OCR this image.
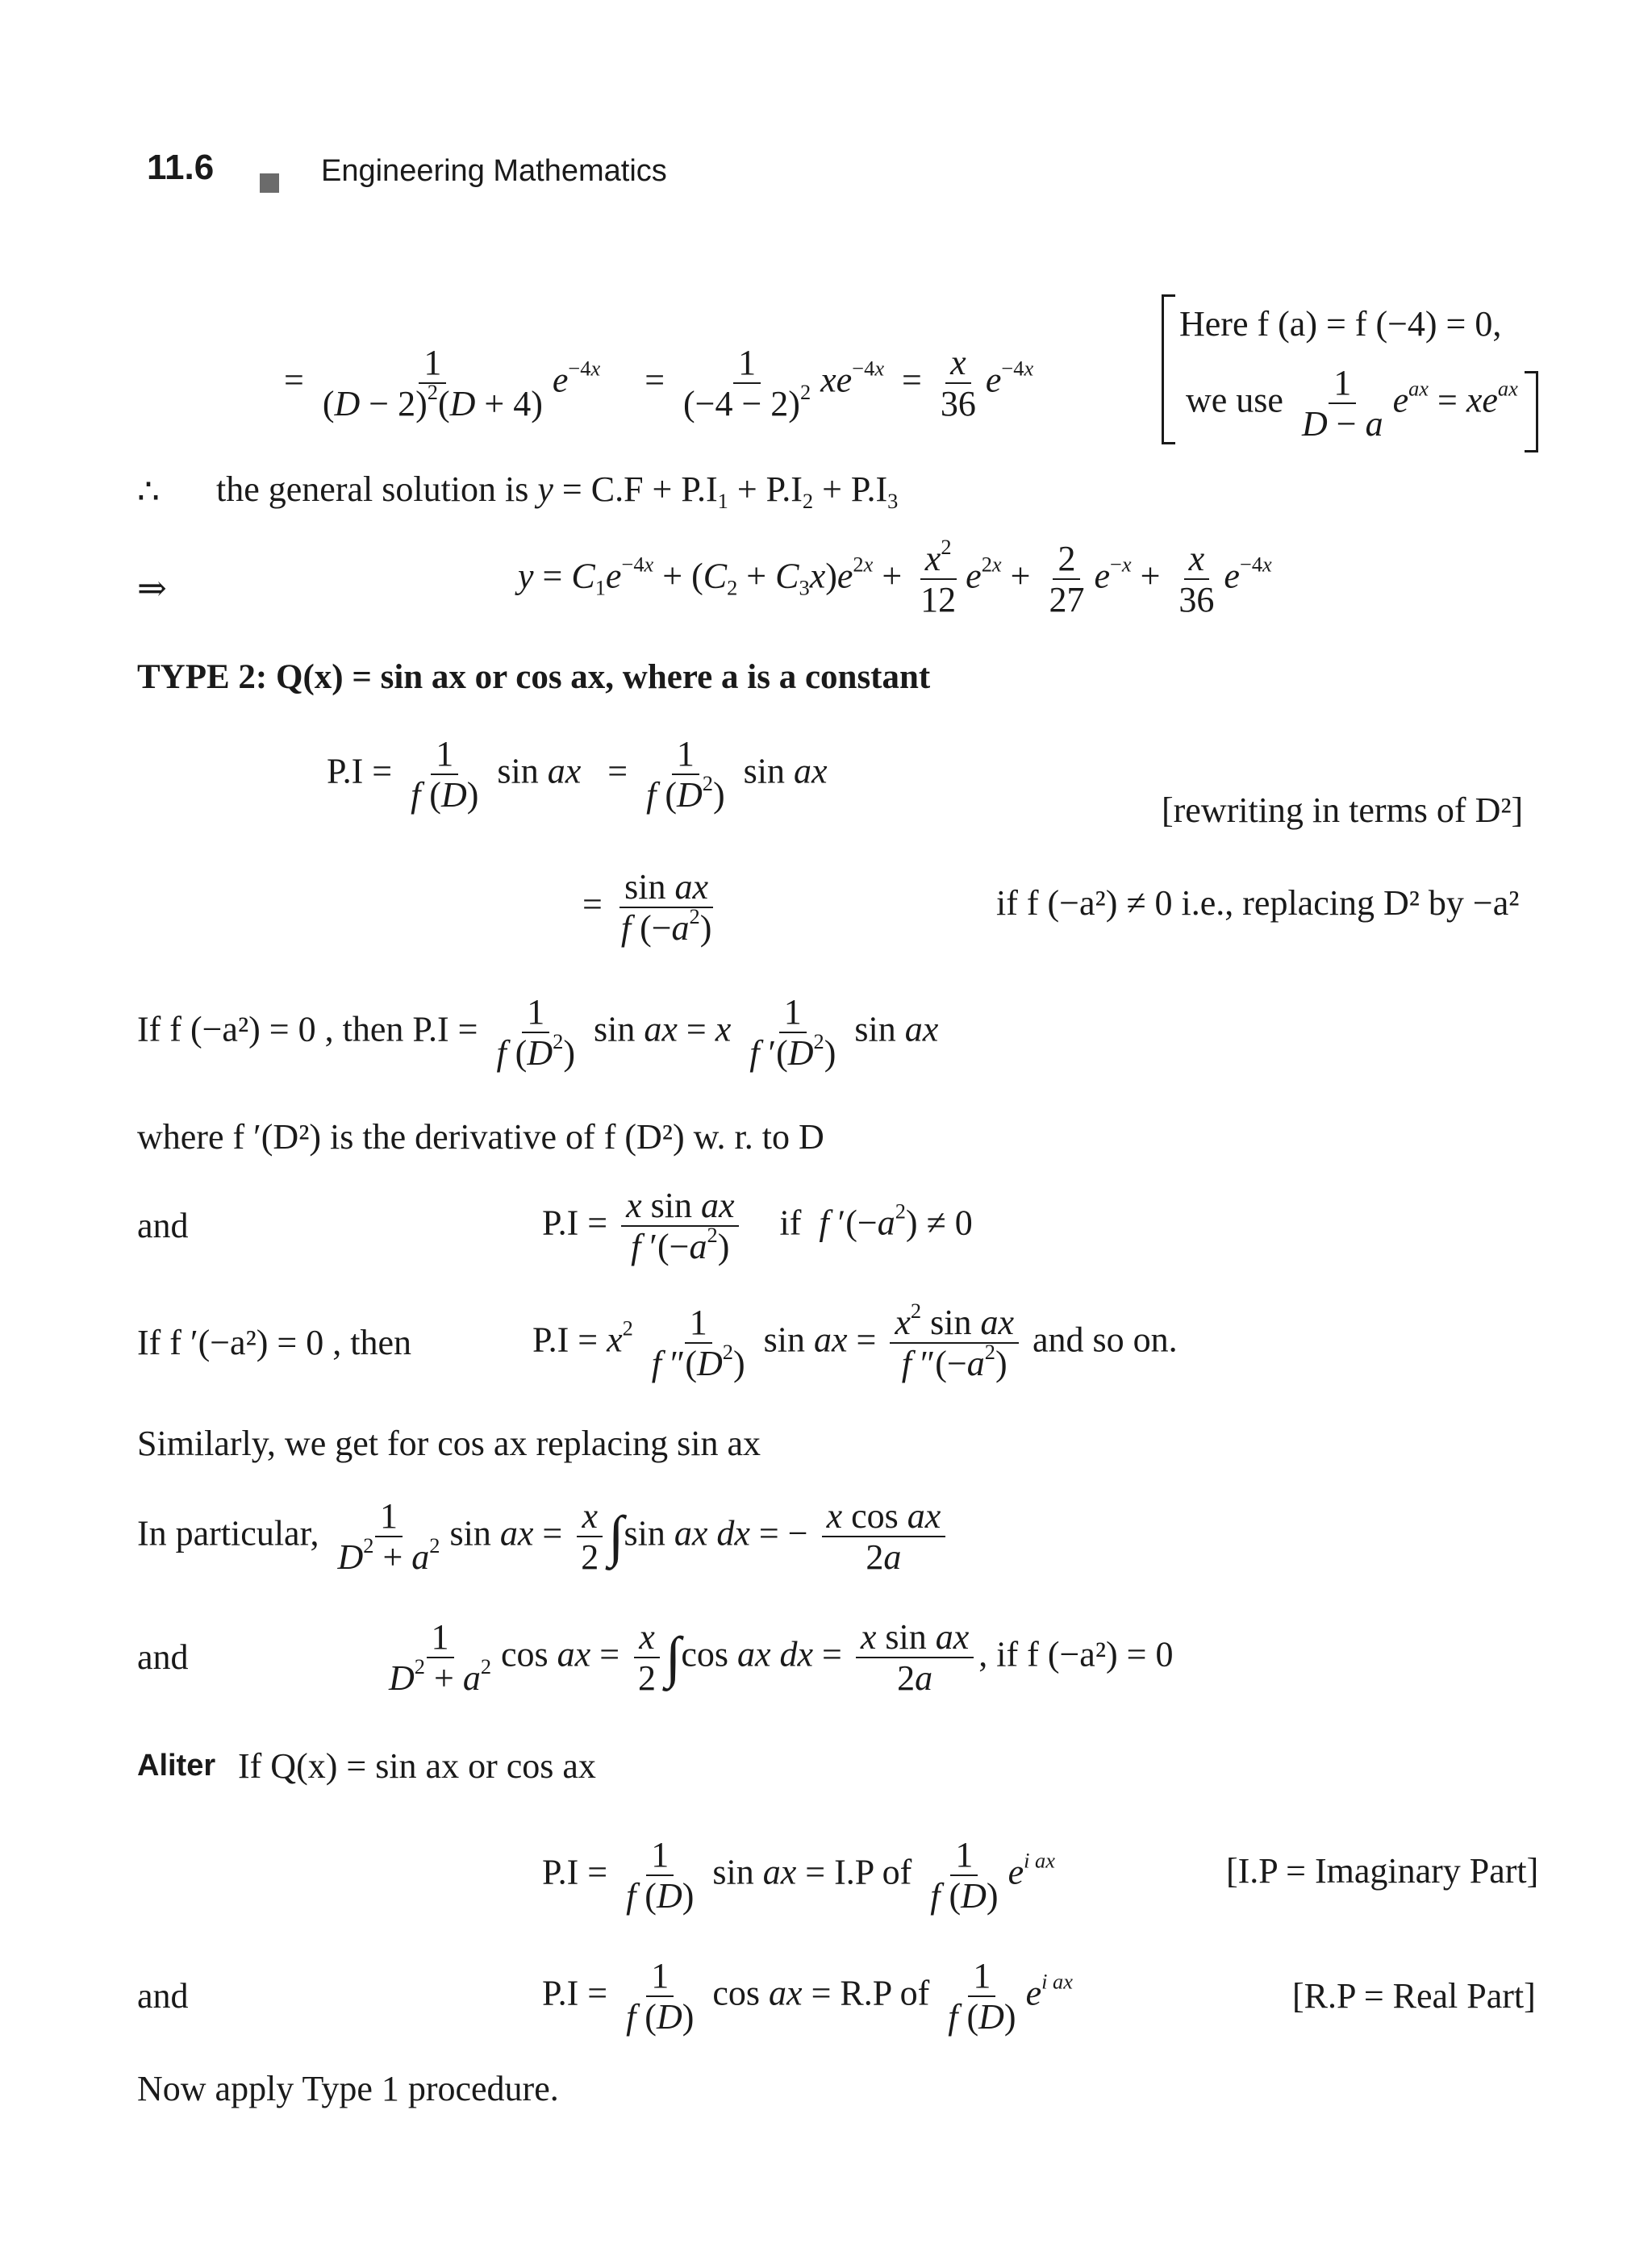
11.6	Engineering Mathematics
= $\frac{1}{(D - 2)^2(D + 4)} e^{-4x}$     = $\frac{1}{(-4 - 2)^2} xe^{-4x} = \frac{x}{36} e^{-4x}$
Here f (a) = f (−4) = 0,
we use $\frac{1}{D - a} e^{ax} = xe^{ax}$
∴ the general solution is $y = C.F + P.I_1 + P.I_2 + P.I_3$
⇒	$y = C_1e^{-4x} + (C_2 + C_3x)e^{2x} + \frac{x^2}{12} e^{2x} + \frac{2}{27} e^{-x} + \frac{x}{36} e^{-4x}$
TYPE 2: Q(x) = sin ax or cos ax, where a is a constant
$P.I = \frac{1}{f (D)}$ sin ax   = $\frac{1}{f (D^2)}$ sin ax
[rewriting in terms of D²]
= $\frac{\text{sin ax}}{f (-a^2)}$	if f (−a²) ≠ 0 i.e., replacing D² by −a²
If f (−a²) = 0 , then $P.I = \frac{1}{f (D^2)}$ sin ax = x $\frac{1}{f '(D^2)}$ sin ax
where f ′(D²) is the derivative of f (D²) w. r. to D
and	$P.I = \frac{\text{x sin ax}}{f '(-a^2)}$ if  f $'(-a^2) \ne 0$
If f ′(−a²) = 0 , then	$P.I = x^2 \frac{1}{f ''(D^2)}$ sin ax = $\frac{x^2 \sin ax}{f ''(-a^2)}$ and so on.
Similarly, we get for cos ax replacing sin ax
In particular, $\frac{1}{D^2 + a^2}$ sin ax = $\frac{x}{2} \int\sin$ ax dx = − $\frac{\text{x cos ax}}{2a}$
and	$\frac{1}{D^2 + a^2}$ cos ax = $\frac{x}{2} \int\cos$ ax dx = $\frac{\text{x sin ax}}{2a}$ , if f (−a²) = 0
Aliter If Q(x) = sin ax or cos ax
$P.I = \frac{1}{f (D)}$ sin ax = I.P of $\frac{1}{f (D)} e^{i ax}$	[I.P = Imaginary Part]
and	$P.I = \frac{1}{f (D)}$ cos ax = R.P of $\frac{1}{f (D)} e^{i ax}$	[R.P = Real Part]
Now apply Type 1 procedure.
